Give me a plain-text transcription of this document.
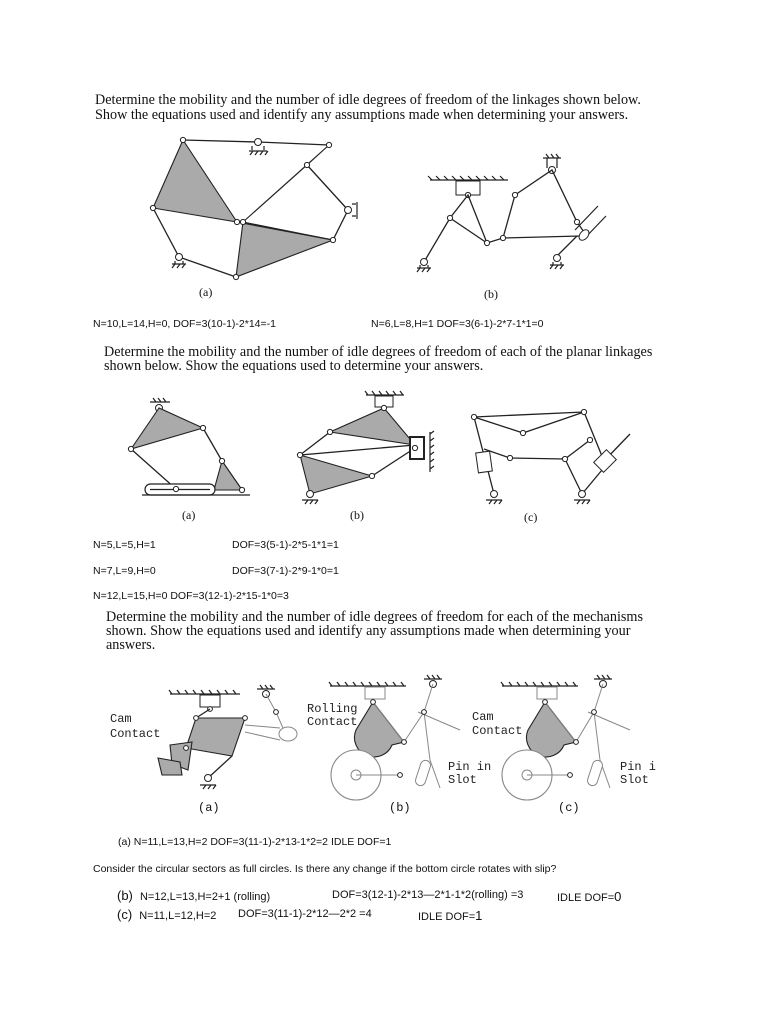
Determine the mobility and the number of idle degrees of freedom of the linkages shown below.
Show the equations used and identify any assumptions made when determining your answers.
(a)	(b)
N=10,L=14,H=0, DOF=3(10-1)-2*14=-1	N=6,L=8,H=1 DOF=3(6-1)-2*7-1*1=0
Determine the mobility and the number of idle degrees of freedom of each of the planar linkages
shown below. Show the equations used to determine your answers.
(a)	(b)	(c)
N=5,L=5,H=1	DOF=3(5-1)-2*5-1*1=1
N=7,L=9,H=0	DOF=3(7-1)-2*9-1*0=1
N=12,L=15,H=0 DOF=3(12-1)-2*15-1*0=3
Determine the mobility and the number of idle degrees of freedom for each of the mechanisms
shown. Show the equations used and identify any assumptions made when determining your
answers.
Cam
Contact
(a)
Rolling
Contact
Pin in
Slot
(b)
Cam
Contact
Pin i
Slot
(c)
(a) N=11,L=13,H=2 DOF=3(11-1)-2*13-1*2=2 IDLE DOF=1
Consider the circular sectors as full circles. Is there any change if the bottom circle rotates with slip?
(b) N=12,L=13,H=2+1 (rolling)	DOF=3(12-1)-2*13—2*1-1*2(rolling) =3	IDLE DOF=0
(c) N=11,L=12,H=2 DOF=3(11-1)-2*12—2*2 =4	IDLE DOF=1
